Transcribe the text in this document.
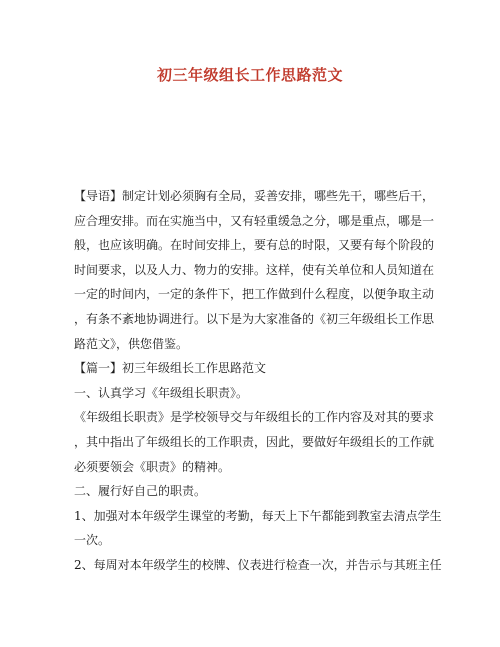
初三年级组长工作思路范文
【导语】制定计划必须胸有全局，妥善安排，哪些先干，哪些后干，
应合理安排。而在实施当中，又有轻重缓急之分，哪是重点，哪是一
般，也应该明确。在时间安排上，要有总的时限，又要有每个阶段的
时间要求，以及人力、物力的安排。这样，使有关单位和人员知道在
一定的时间内，一定的条件下，把工作做到什么程度，以便争取主动
，有条不紊地协调进行。以下是为大家准备的《初三年级组长工作思
路范文》，供您借鉴。
【篇一】初三年级组长工作思路范文
一、认真学习《年级组长职责》。
《年级组长职责》是学校领导交与年级组长的工作内容及对其的要求
，其中指出了年级组长的工作职责，因此，要做好年级组长的工作就
必须要领会《职责》的精神。
二、履行好自己的职责。
1、加强对本年级学生课堂的考勤，每天上下午都能到教室去清点学生
一次。
2、每周对本年级学生的校牌、仪表进行检查一次，并告示与其班主任
